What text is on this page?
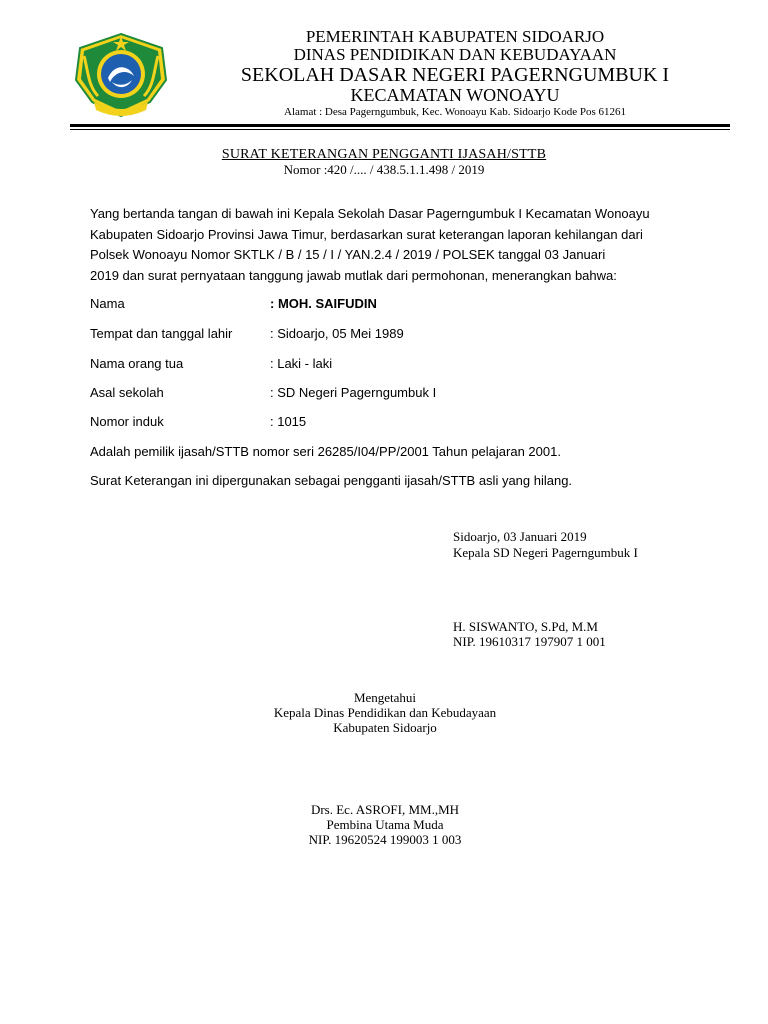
PEMERINTAH KABUPATEN SIDOARJO
DINAS PENDIDIKAN DAN KEBUDAYAAN
SEKOLAH DASAR NEGERI PAGERNGUMBUK I
KECAMATAN WONOAYU
Alamat : Desa Pagerngumbuk, Kec. Wonoayu Kab. Sidoarjo Kode Pos 61261
SURAT KETERANGAN PENGGANTI IJASAH/STTB
Nomor :420 /.... / 438.5.1.1.498 / 2019
Yang bertanda tangan di bawah ini Kepala Sekolah Dasar Pagerngumbuk I Kecamatan Wonoayu
Kabupaten Sidoarjo Provinsi Jawa Timur, berdasarkan surat keterangan laporan kehilangan dari
Polsek Wonoayu Nomor SKTLK / B / 15 / I / YAN.2.4 / 2019 / POLSEK tanggal 03 Januari
2019 dan surat pernyataan tanggung jawab mutlak dari permohonan, menerangkan bahwa:
Nama	: MOH. SAIFUDIN
Tempat dan tanggal lahir	: Sidoarjo, 05 Mei 1989
Nama orang tua	: Laki - laki
Asal sekolah	: SD Negeri Pagerngumbuk I
Nomor induk	: 1015
Adalah pemilik ijasah/STTB nomor seri 26285/I04/PP/2001 Tahun pelajaran 2001.
Surat Keterangan ini dipergunakan sebagai pengganti ijasah/STTB asli yang hilang.
Sidoarjo, 03 Januari 2019
Kepala SD Negeri Pagerngumbuk I
H. SISWANTO, S.Pd, M.M
NIP. 19610317 197907 1 001
Mengetahui
Kepala Dinas Pendidikan dan Kebudayaan
Kabupaten Sidoarjo
Drs. Ec. ASROFI, MM.,MH
Pembina Utama Muda
NIP. 19620524 199003 1 003
